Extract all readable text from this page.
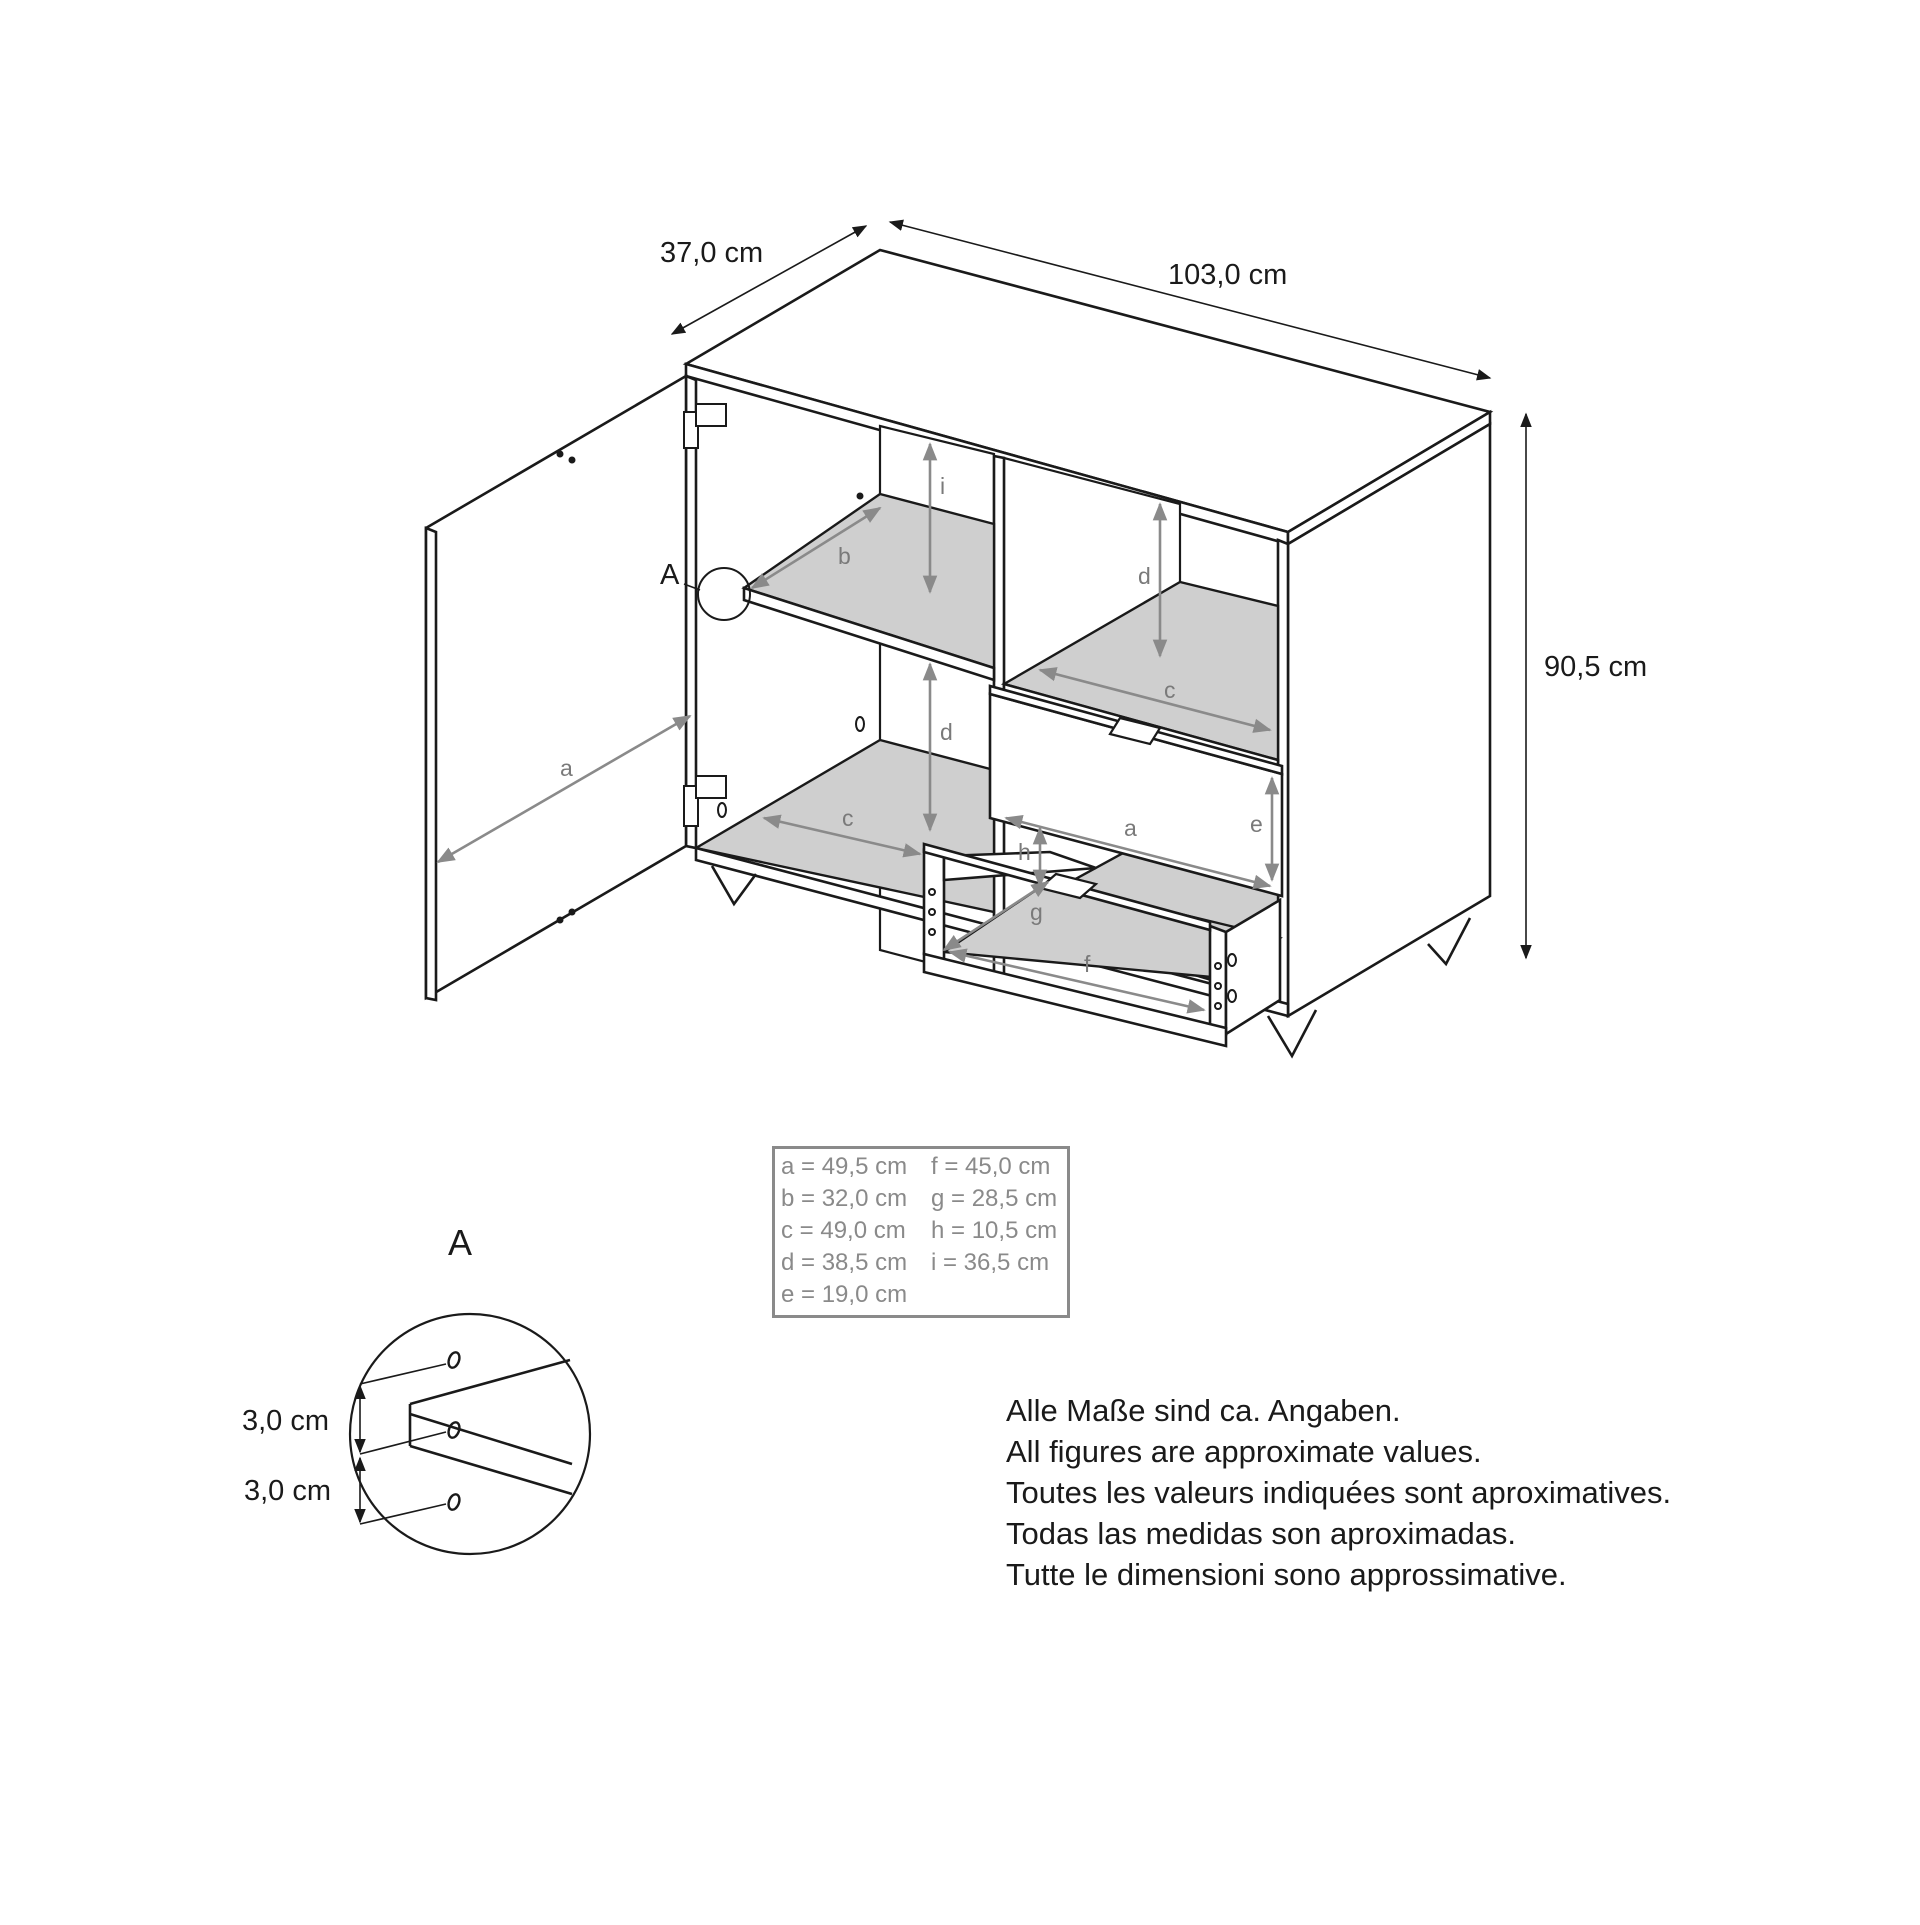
37,0 cm
103,0 cm
90,5 cm
A
a
b
i
d
d
c
c	a	e
h
g
f
3,0 cm
3,0 cm
A
a = 49,5 cm f = 45,0 cm
b = 32,0 cm g = 28,5 cm
c = 49,0 cm	h = 10,5 cm
d = 38,5 cm i = 36,5 cm
e = 19,0 cm
Alle Maße sind ca. Angaben.
All figures are approximate values.
Toutes les valeurs indiquées sont aproximatives.
Todas las medidas son aproximadas.
Tutte le dimensioni sono approssimative.
